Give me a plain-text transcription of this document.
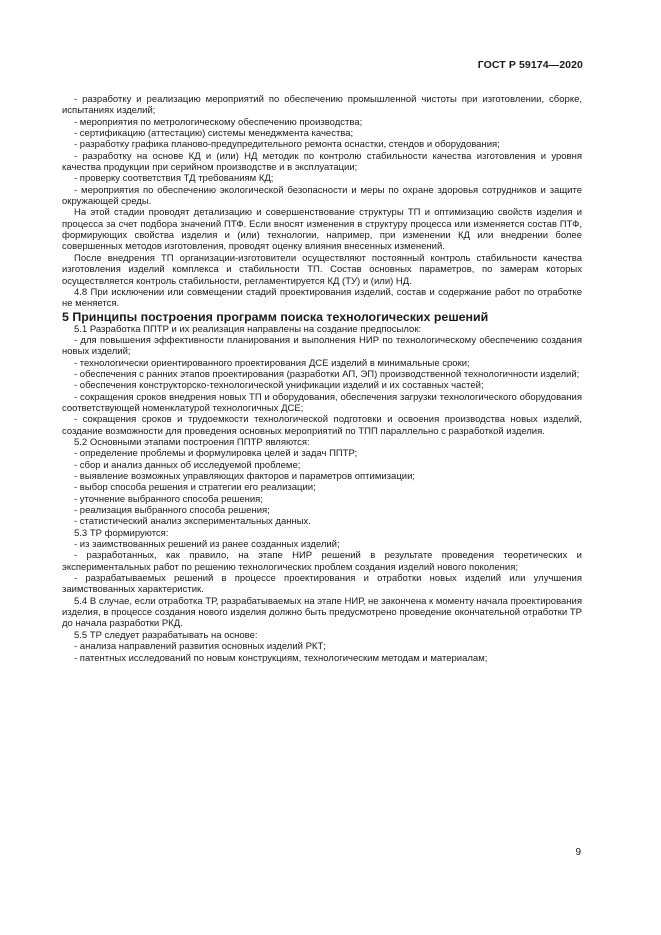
ГОСТ Р 59174—2020

- разработку и реализацию мероприятий по обеспечению промышленной чистоты при изготовлении, сборке, испытаниях изделий;

- мероприятия по метрологическому обеспечению производства;

- сертификацию (аттестацию) системы менеджмента качества;

- разработку графика планово-предупредительного ремонта оснастки, стендов и оборудования;

- разработку на основе КД и (или) НД методик по контролю стабильности качества изготовления и уровня качества продукции при серийном производстве и в эксплуатации;

- проверку соответствия ТД требованиям КД;

- мероприятия по обеспечению экологической безопасности и меры по охране здоровья сотрудников и защите окружающей среды.

На этой стадии проводят детализацию и совершенствование структуры ТП и оптимизацию свойств изделия и процесса за счет подбора значений ПТФ. Если вносят изменения в структуру процесса или изменяется состав ПТФ, формирующих свойства изделия и (или) технологии, например, при изменении КД или внедрении более совершенных методов изготовления, проводят оценку влияния внесенных изменений.

После внедрения ТП организации-изготовители осуществляют постоянный контроль стабильности качества изготовления изделий комплекса и стабильности ТП. Состав основных параметров, по замерам которых осуществляется контроль стабильности, регламентируется КД (ТУ) и (или) НД.

4.8 При исключении или совмещении стадий проектирования изделий, состав и содержание работ по отработке не меняется.

5 Принципы построения программ поиска технологических решений

5.1 Разработка ППТР и их реализация направлены на создание предпосылок:

- для повышения эффективности планирования и выполнения НИР по технологическому обеспечению создания новых изделий;

- технологически ориентированного проектирования ДСЕ изделий в минимальные сроки;

- обеспечения с ранних этапов проектирования (разработки АП, ЭП) производственной технологичности изделий;

- обеспечения конструкторско-технологической унификации изделий и их составных частей;

- сокращения сроков внедрения новых ТП и оборудования, обеспечения загрузки технологического оборудования соответствующей номенклатурой технологичных ДСЕ;

- сокращения сроков и трудоемкости технологической подготовки и освоения производства новых изделий, создание возможности для проведения основных мероприятий по ТПП параллельно с разработкой изделия.

5.2 Основными этапами построения ППТР являются:

- определение проблемы и формулировка целей и задач ППТР;

- сбор и анализ данных об исследуемой проблеме;

- выявление возможных управляющих факторов и параметров оптимизации;

- выбор способа решения и стратегии его реализации;

- уточнение выбранного способа решения;

- реализация выбранного способа решения;

- статистический анализ экспериментальных данных.

5.3 ТР формируются:

- из заимствованных решений из ранее созданных изделий;

- разработанных, как правило, на этапе НИР решений в результате проведения теоретических и экспериментальных работ по решению технологических проблем создания изделий нового поколения;

- разрабатываемых решений в процессе проектирования и отработки новых изделий или улучшения заимствованных характеристик.

5.4 В случае, если отработка ТР, разрабатываемых на этапе НИР, не закончена к моменту начала проектирования изделия, в процессе создания нового изделия должно быть предусмотрено проведение окончательной отработки ТР до начала разработки РКД.

5.5 ТР следует разрабатывать на основе:

- анализа направлений развития основных изделий РКТ;

- патентных исследований по новым конструкциям, технологическим методам и материалам;

9
